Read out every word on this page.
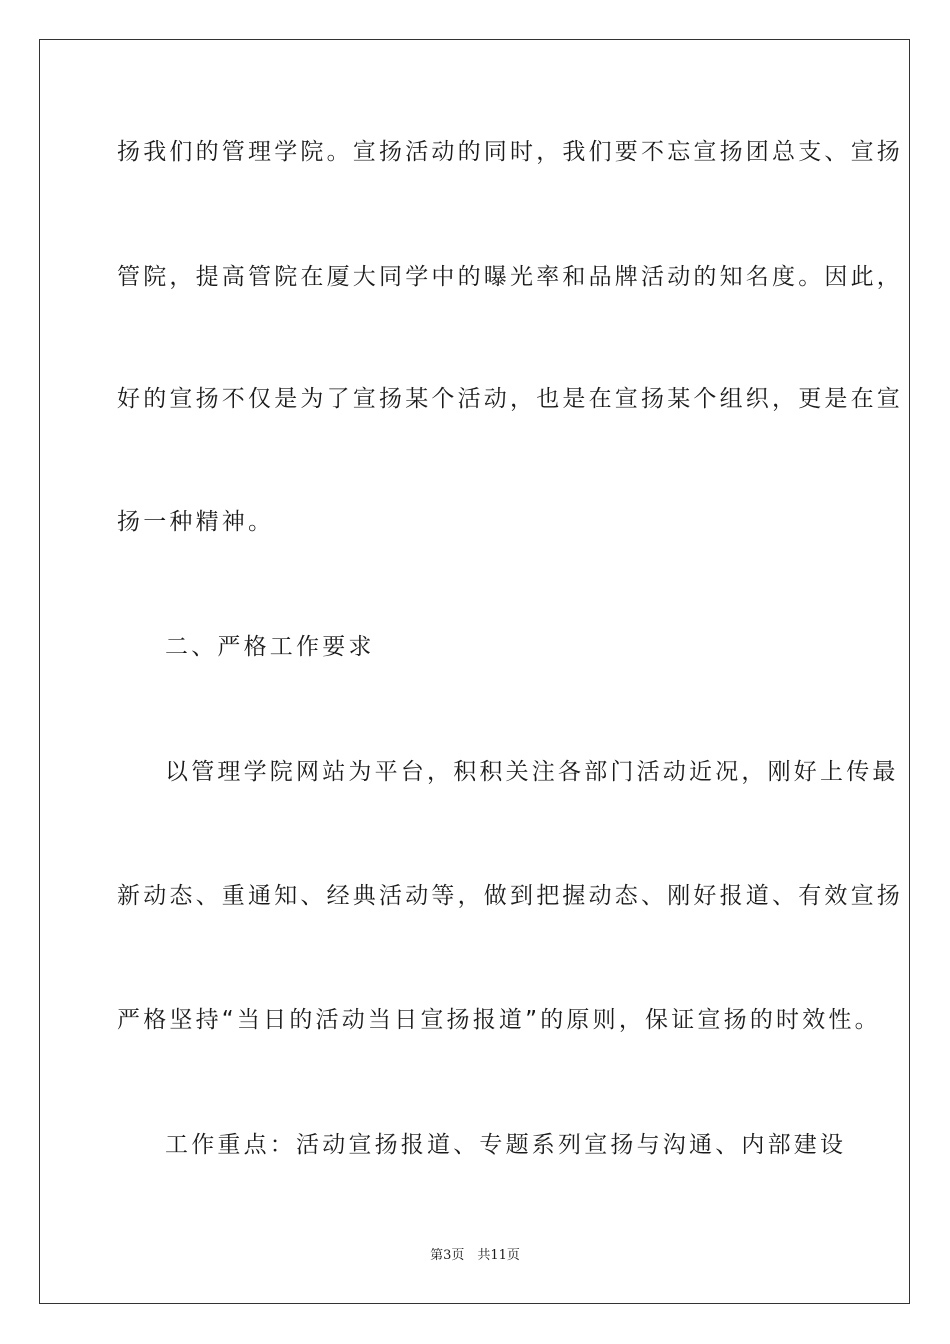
扬我们的管理学院。宣扬活动的同时，我们要不忘宣扬团总支、宣扬
管院，提高管院在厦大同学中的曝光率和品牌活动的知名度。因此，
好的宣扬不仅是为了宣扬某个活动，也是在宣扬某个组织，更是在宣
扬一种精神。
二、严格工作要求
以管理学院网站为平台，积积关注各部门活动近况，刚好上传最
新动态、重通知、经典活动等，做到把握动态、刚好报道、有效宣扬
严格坚持“当日的活动当日宣扬报道”的原则，保证宣扬的时效性。
工作重点：活动宣扬报道、专题系列宣扬与沟通、内部建设
第3页　共11页
